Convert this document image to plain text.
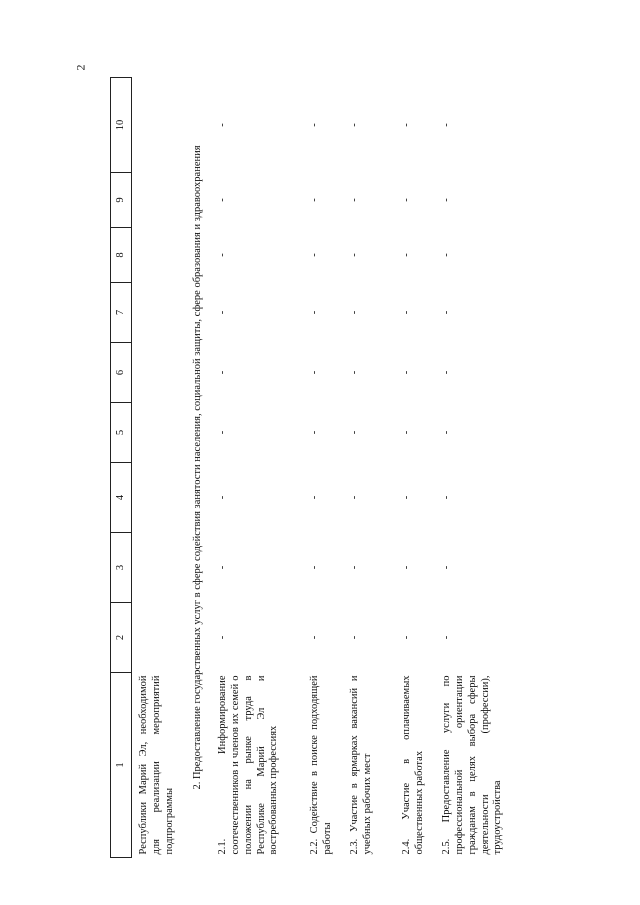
2
1	2	3	4	5	6	7	8	9	10
Республики Марий Эл, необходимой для реализации мероприятий подпрограммы									
2. Предоставление государственных услуг в сфере содействия занятости населения, социальной защиты, сфере образования и здравоохранения									
2.1. Информирование соотечественников и членов их семей о положении на рынке труда в Республике Марий Эл и востребованных профессиях	-	-	-	-	-	-	-	-	-
2.2. Содействие в поиске подходящей работы	-	-	-	-	-	-	-	-	-
2.3. Участие в ярмарках вакансий и учебных рабочих мест	-	-	-	-	-	-	-	-	-
2.4. Участие в оплачиваемых общественных работах	-	-	-	-	-	-	-	-	-
2.5. Предоставление услуги по профессиональной ориентации гражданам в целях выбора сферы деятельности (профессии), трудоустройства	-	-	-	-	-	-	-	-	-
